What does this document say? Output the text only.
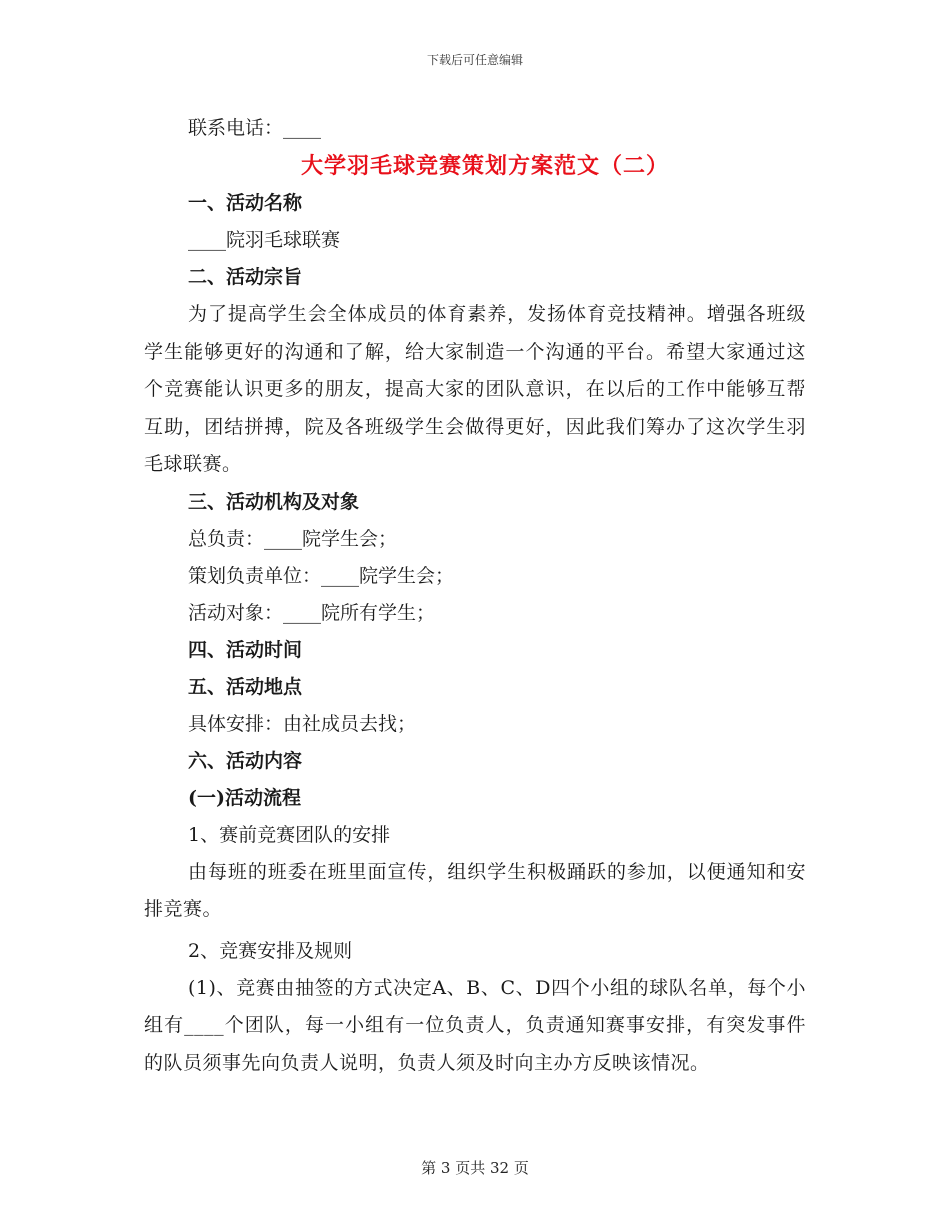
下载后可任意编辑

联系电话：____

大学羽毛球竞赛策划方案范文（二）

一、活动名称

____院羽毛球联赛

二、活动宗旨

为了提高学生会全体成员的体育素养，发扬体育竞技精神。增强各班级学生能够更好的沟通和了解，给大家制造一个沟通的平台。希望大家通过这个竞赛能认识更多的朋友，提高大家的团队意识，在以后的工作中能够互帮互助，团结拼搏，院及各班级学生会做得更好，因此我们筹办了这次学生羽毛球联赛。

三、活动机构及对象

总负责：____院学生会；

策划负责单位：____院学生会；

活动对象：____院所有学生；

四、活动时间

五、活动地点

具体安排：由社成员去找；

六、活动内容

(一)活动流程

1、赛前竞赛团队的安排

由每班的班委在班里面宣传，组织学生积极踊跃的参加，以便通知和安排竞赛。

2、竞赛安排及规则

(1)、竞赛由抽签的方式决定A、B、C、D四个小组的球队名单，每个小组有____个团队，每一小组有一位负责人，负责通知赛事安排，有突发事件的队员须事先向负责人说明，负责人须及时向主办方反映该情况。

第 3 页共 32 页
